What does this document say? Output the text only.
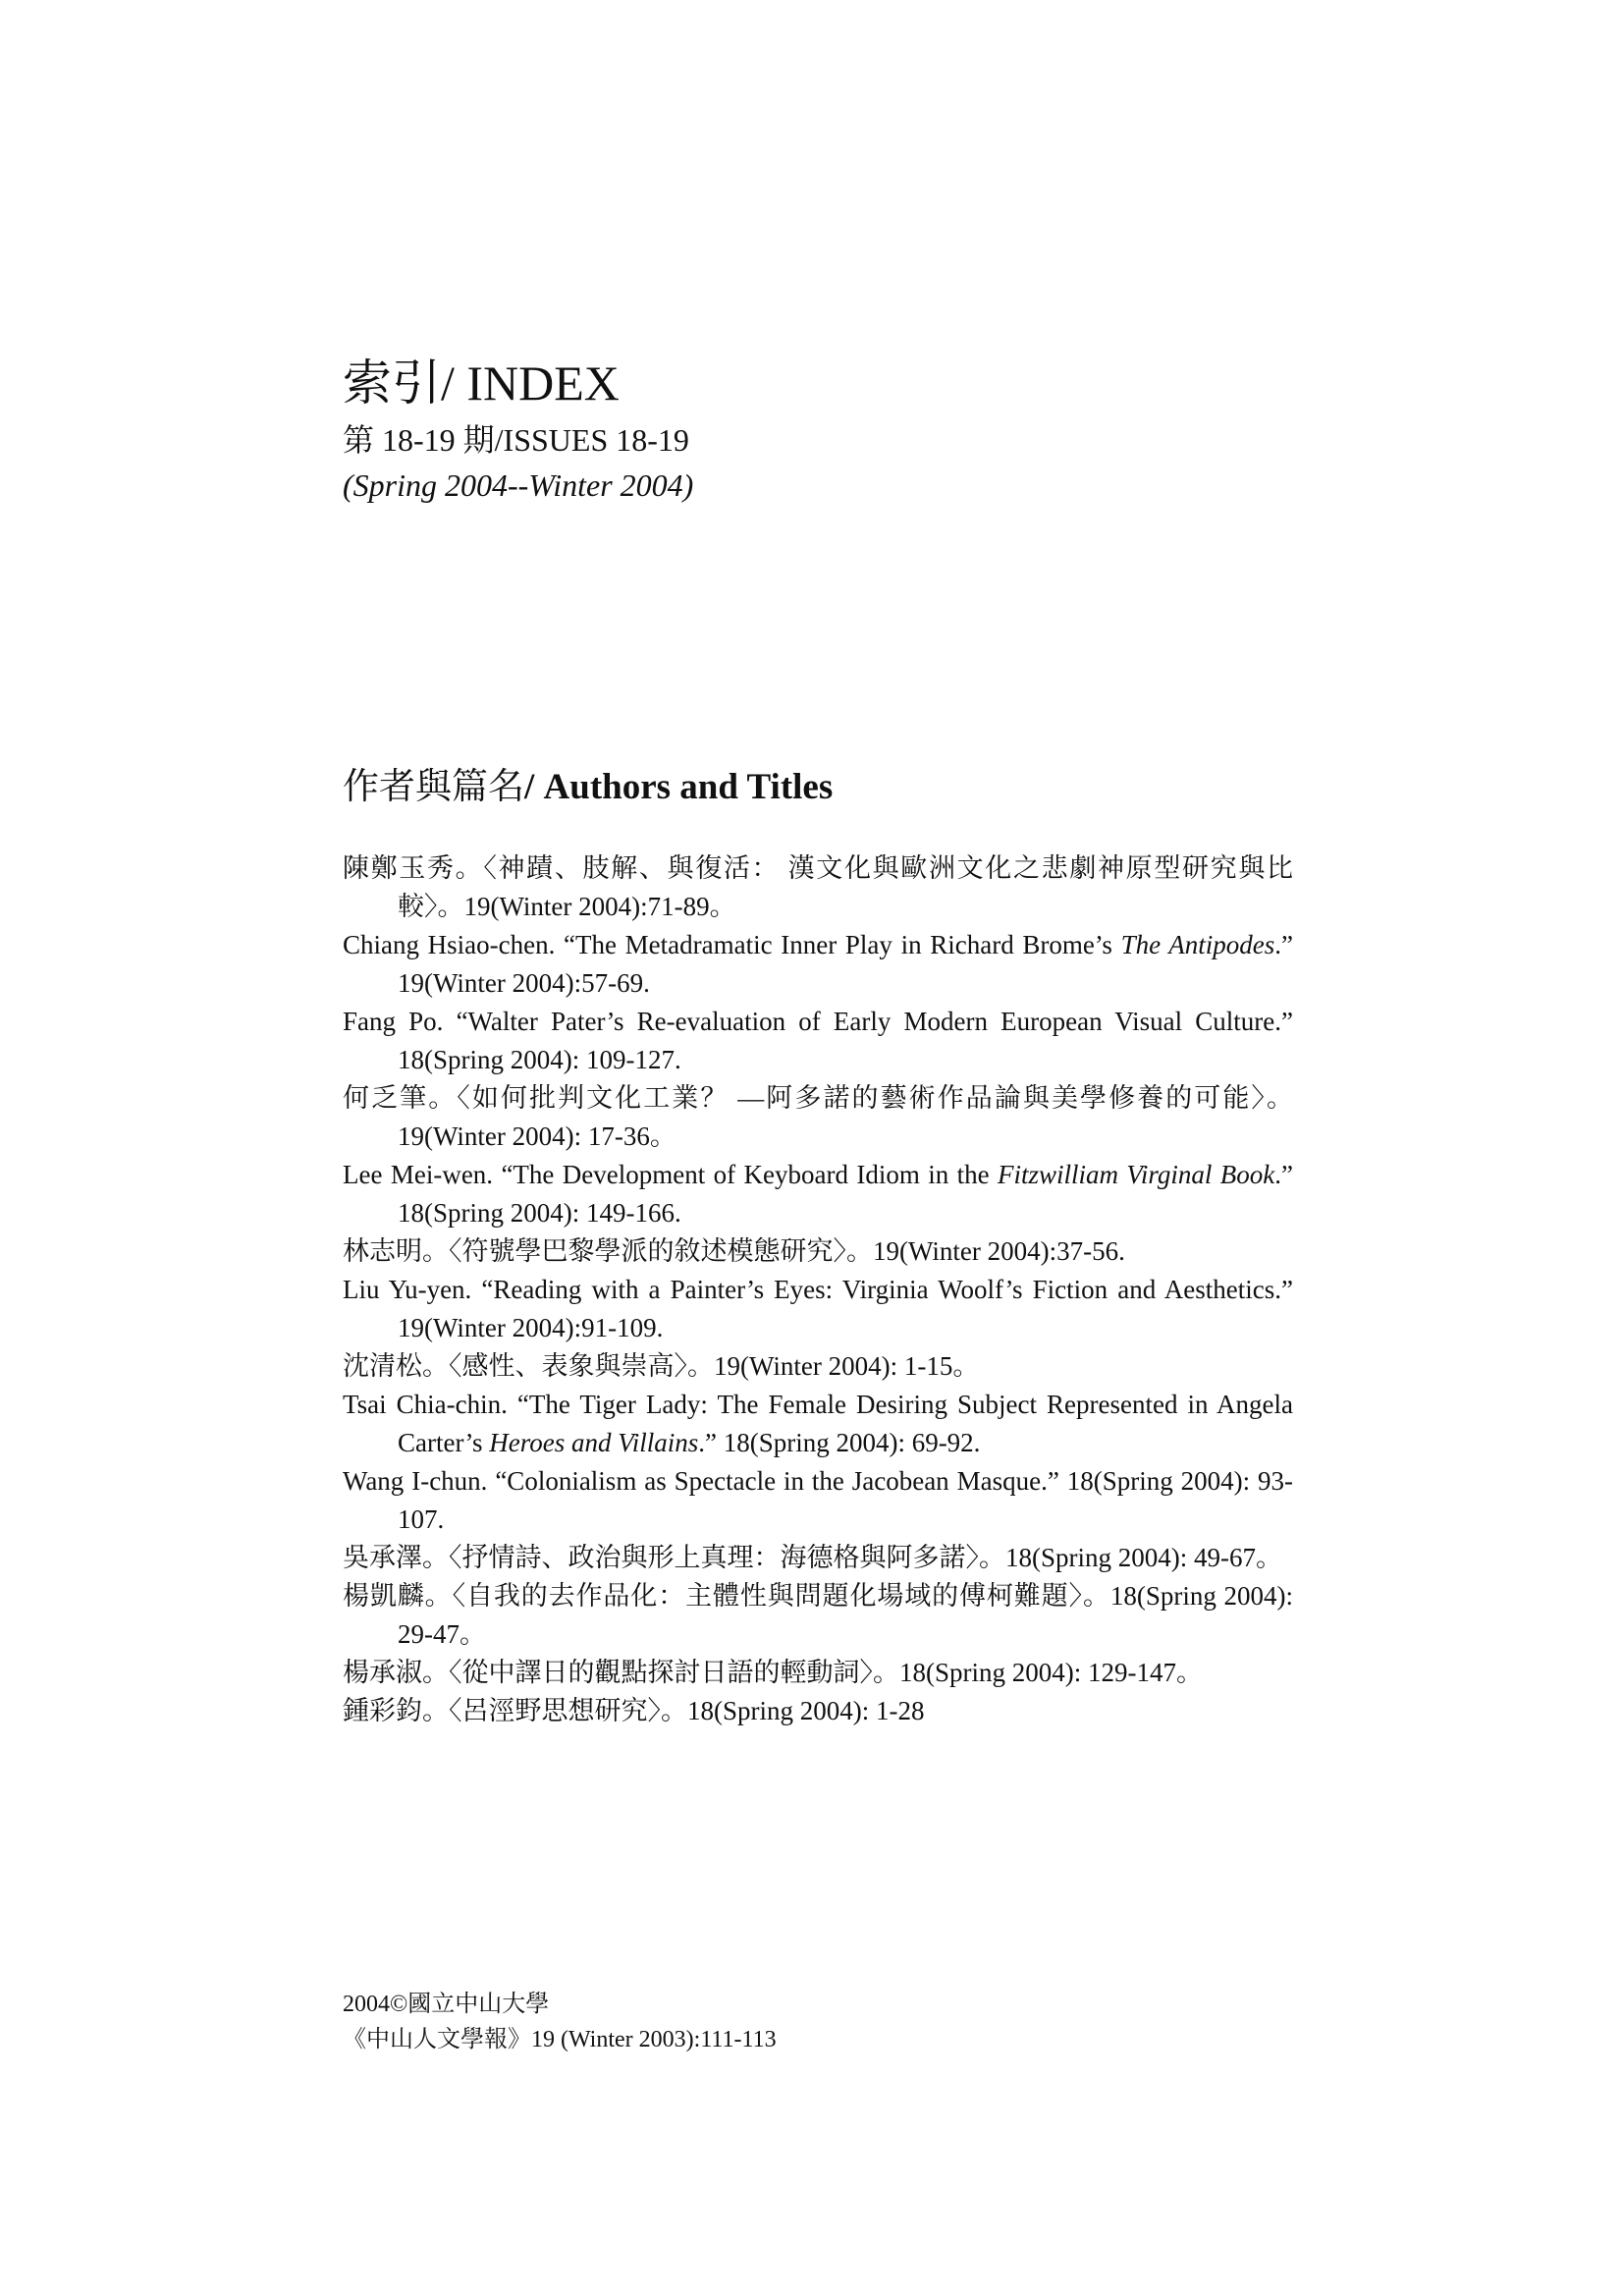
索引/ INDEX

第 18-19 期/ISSUES 18-19

(Spring 2004--Winter 2004)

作者與篇名/ Authors and Titles
陳鄭玉秀。〈神蹟、肢解、與復活： 漢文化與歐洲文化之悲劇神原型研究與比較〉。19(Winter 2004):71-89。
Chiang Hsiao-chen. “The Metadramatic Inner Play in Richard Brome’s The Antipodes.” 19(Winter 2004):57-69.
Fang Po. “Walter Pater’s Re-evaluation of Early Modern European Visual Culture.” 18(Spring 2004): 109-127.
何乏筆。〈如何批判文化工業？ —阿多諾的藝術作品論與美學修養的可能〉。19(Winter 2004): 17-36。
Lee Mei-wen. “The Development of Keyboard Idiom in the Fitzwilliam Virginal Book.” 18(Spring 2004): 149-166.
林志明。〈符號學巴黎學派的敘述模態研究〉。19(Winter 2004):37-56.
Liu Yu-yen. “Reading with a Painter’s Eyes: Virginia Woolf’s Fiction and Aesthetics.” 19(Winter 2004):91-109.
沈清松。〈感性、表象與崇高〉。19(Winter 2004): 1-15。
Tsai Chia-chin. “The Tiger Lady: The Female Desiring Subject Represented in Angela Carter’s Heroes and Villains.” 18(Spring 2004): 69-92.
Wang I-chun. “Colonialism as Spectacle in the Jacobean Masque.” 18(Spring 2004): 93-107.
吳承澤。〈抒情詩、政治與形上真理：海德格與阿多諾〉。18(Spring 2004): 49-67。
楊凱麟。〈自我的去作品化：主體性與問題化場域的傅柯難題〉。18(Spring 2004): 29-47。
楊承淑。〈從中譯日的觀點探討日語的輕動詞〉。18(Spring 2004): 129-147。
鍾彩鈞。〈呂涇野思想研究〉。18(Spring 2004): 1-28

2004©國立中山大學

《中山人文學報》19 (Winter 2003):111-113
